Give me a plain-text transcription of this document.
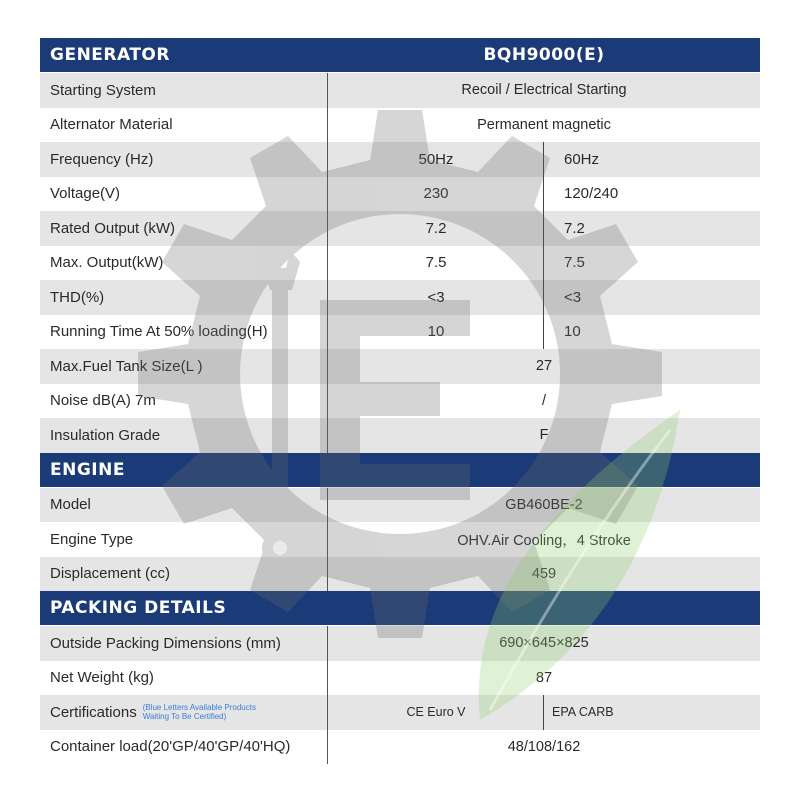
GENERATOR	BQH9000(E)
Starting System	Recoil / Electrical Starting
Alternator Material	Permanent magnetic
Frequency (Hz)	50Hz	60Hz
Voltage(V)	230	120/240
Rated Output (kW)	7.2	7.2
Max. Output(kW)	7.5	7.5
THD(%)	<3	<3
Running Time At 50% loading(H)	10	10
Max.Fuel Tank Size(L )	27
Noise dB(A) 7m	/
Insulation Grade	F
ENGINE
Model	GB460BE-2
Engine Type	OHV.Air Cooling，4 Stroke
Displacement (cc)	459
PACKING DETAILS
Outside Packing Dimensions (mm)	690×645×825
Net Weight (kg)	87
Certifications (Blue Letters Available Products
Waiting To Be Certified)	CE Euro V	EPA CARB
Container load(20'GP/40'GP/40'HQ)	48/108/162
